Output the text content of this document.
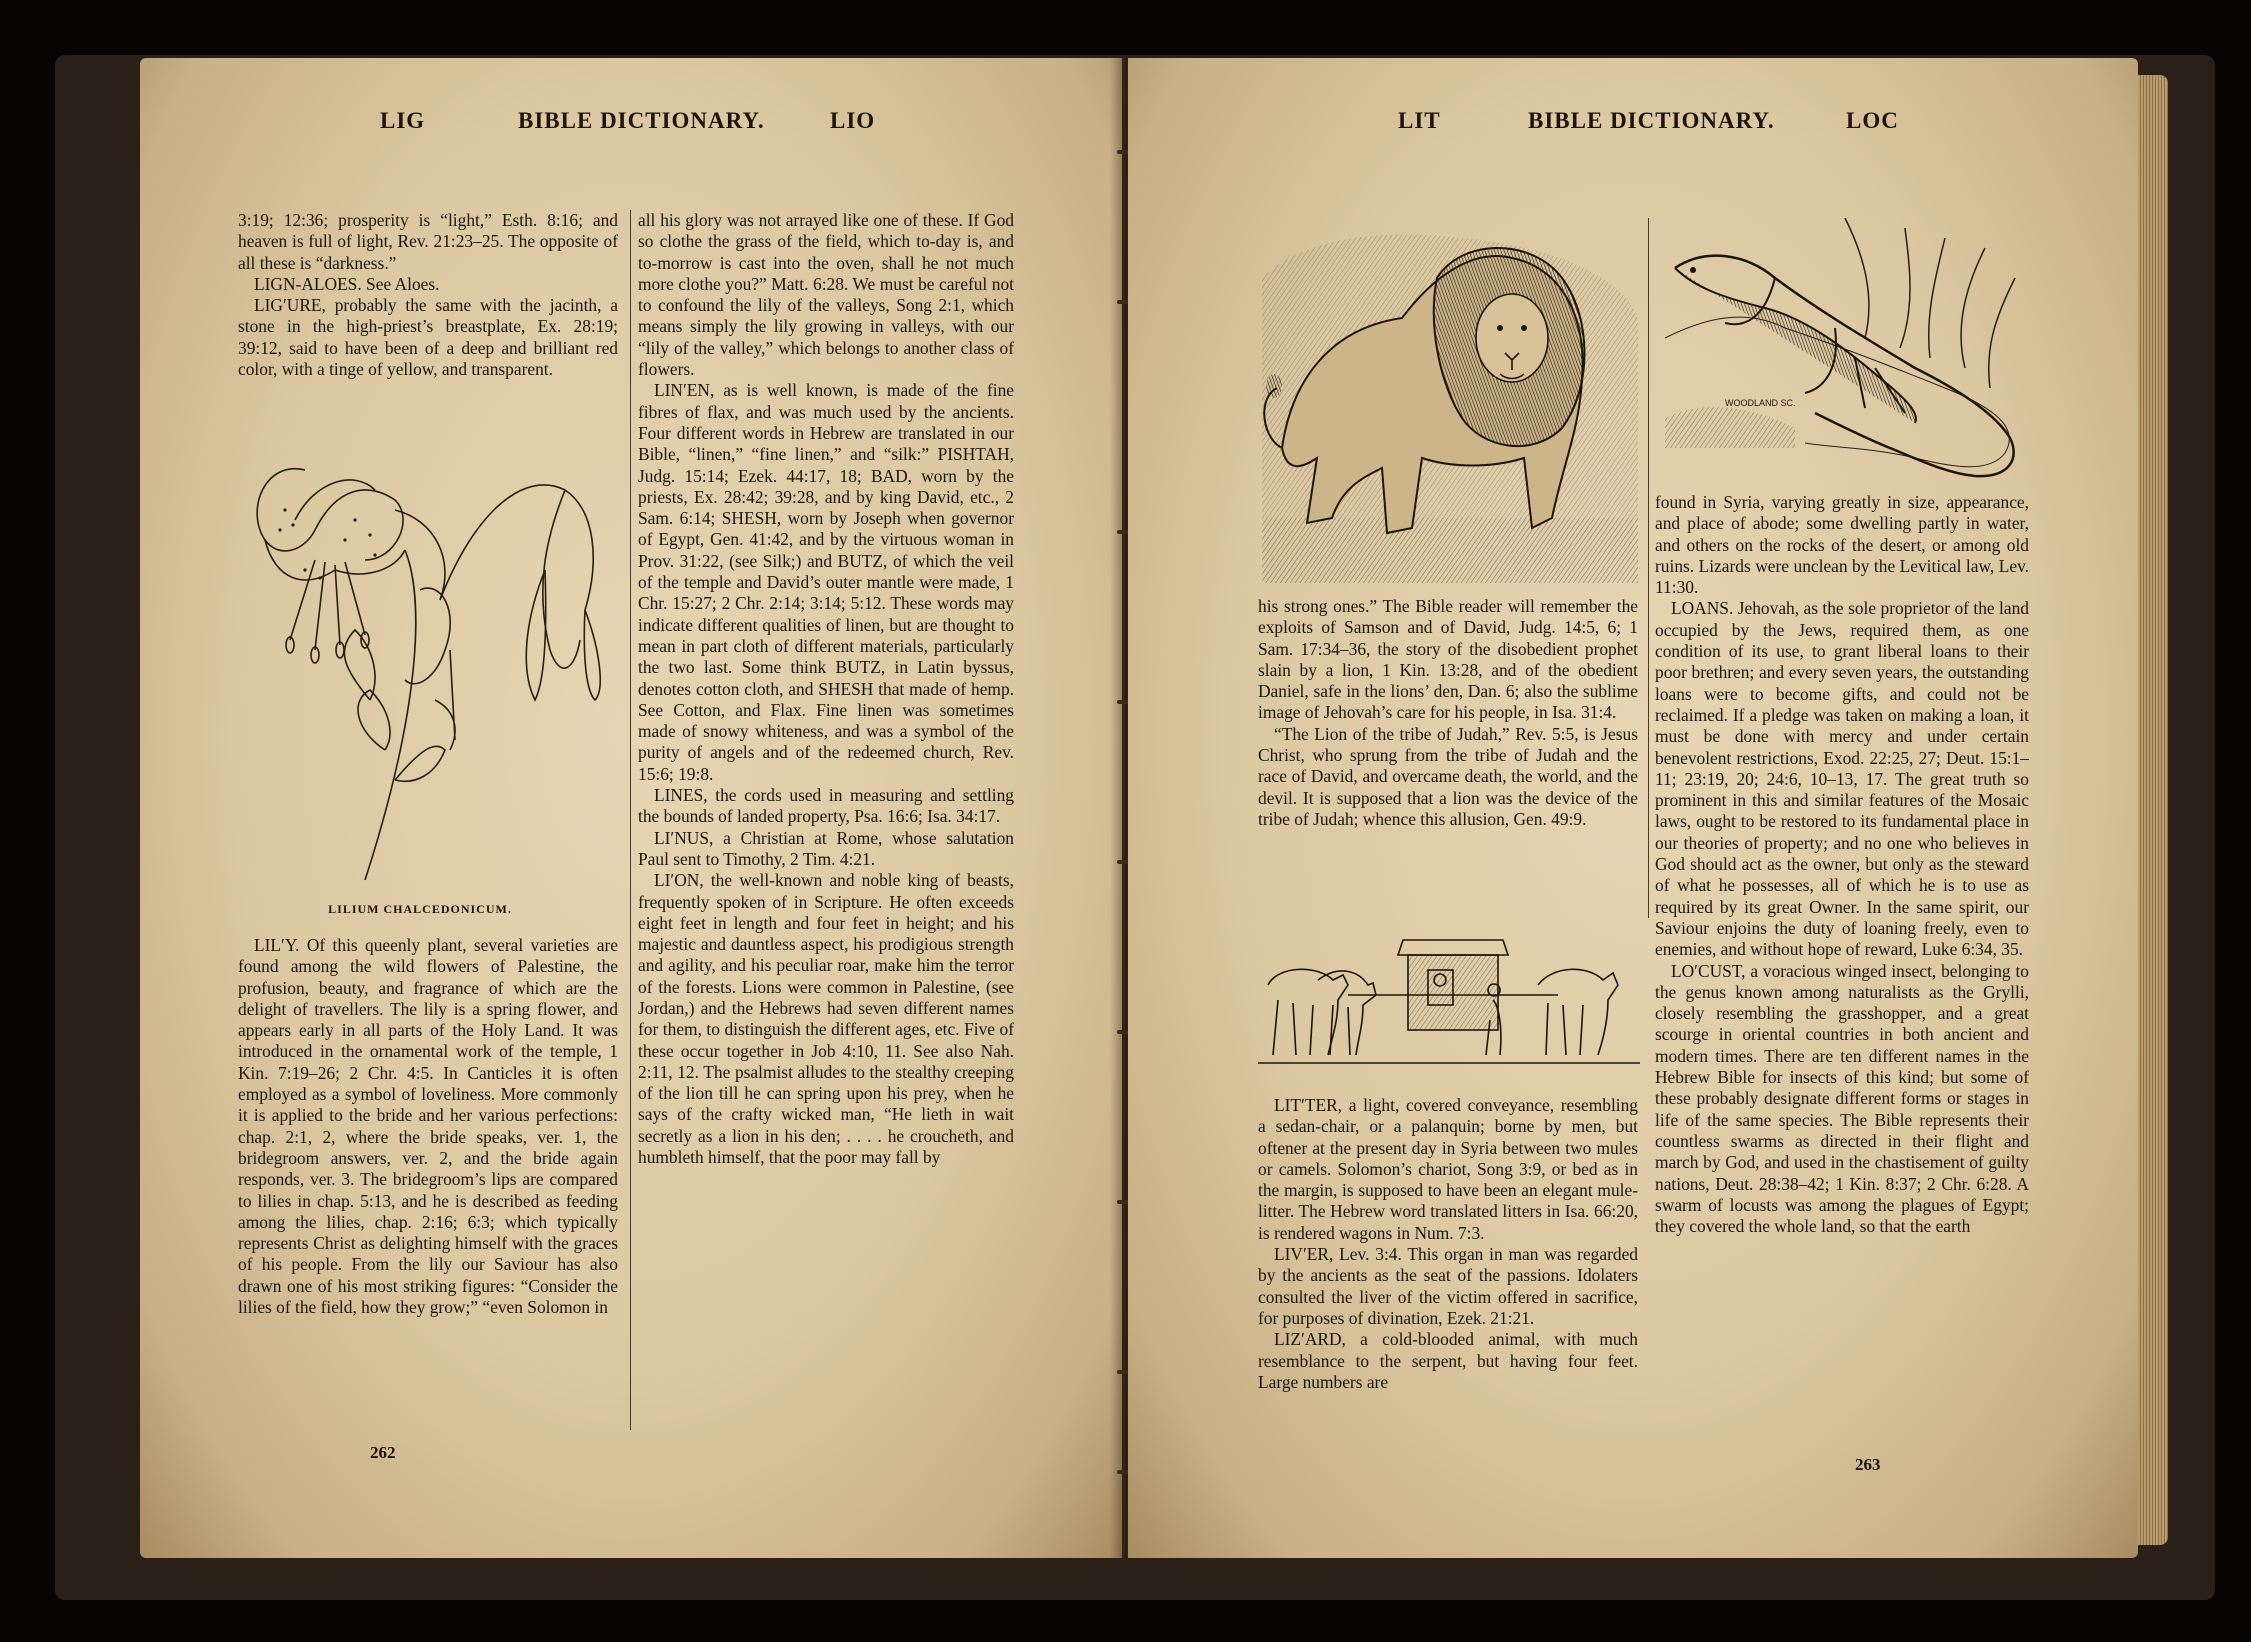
LIG	BIBLE DICTIONARY.	LIO

3:19; 12:36; prosperity is “light,” Esth. 8:16; and heaven is full of light, Rev. 21:23–25. The opposite of all these is “darkness.”

LIGN-ALOES. See Aloes.

LIG′URE, probably the same with the jacinth, a stone in the high-priest’s breastplate, Ex. 28:19; 39:12, said to have been of a deep and brilliant red color, with a tinge of yellow, and transparent.

LILIUM CHALCEDONICUM.

LIL′Y. Of this queenly plant, several varieties are found among the wild flowers of Palestine, the profusion, beauty, and fragrance of which are the delight of travellers. The lily is a spring flower, and appears early in all parts of the Holy Land. It was introduced in the ornamental work of the temple, 1 Kin. 7:19–26; 2 Chr. 4:5. In Canticles it is often employed as a symbol of loveliness. More commonly it is applied to the bride and her various perfections: chap. 2:1, 2, where the bride speaks, ver. 1, the bridegroom answers, ver. 2, and the bride again responds, ver. 3. The bridegroom’s lips are compared to lilies in chap. 5:13, and he is described as feeding among the lilies, chap. 2:16; 6:3; which typically represents Christ as delighting himself with the graces of his people. From the lily our Saviour has also drawn one of his most striking figures: “Consider the lilies of the field, how they grow;” “even Solomon in

all his glory was not arrayed like one of these. If God so clothe the grass of the field, which to-day is, and to-morrow is cast into the oven, shall he not much more clothe you?” Matt. 6:28. We must be careful not to confound the lily of the valleys, Song 2:1, which means simply the lily growing in valleys, with our “lily of the valley,” which belongs to another class of flowers.

LIN′EN, as is well known, is made of the fine fibres of flax, and was much used by the ancients. Four different words in Hebrew are translated in our Bible, “linen,” “fine linen,” and “silk:” PISHTAH, Judg. 15:14; Ezek. 44:17, 18; BAD, worn by the priests, Ex. 28:42; 39:28, and by king David, etc., 2 Sam. 6:14; SHESH, worn by Joseph when governor of Egypt, Gen. 41:42, and by the virtuous woman in Prov. 31:22, (see Silk;) and BUTZ, of which the veil of the temple and David’s outer mantle were made, 1 Chr. 15:27; 2 Chr. 2:14; 3:14; 5:12. These words may indicate different qualities of linen, but are thought to mean in part cloth of different materials, particularly the two last. Some think BUTZ, in Latin byssus, denotes cotton cloth, and SHESH that made of hemp. See Cotton, and Flax. Fine linen was sometimes made of snowy whiteness, and was a symbol of the purity of angels and of the redeemed church, Rev. 15:6; 19:8.

LINES, the cords used in measuring and settling the bounds of landed property, Psa. 16:6; Isa. 34:17.

LI′NUS, a Christian at Rome, whose salutation Paul sent to Timothy, 2 Tim. 4:21.

LI′ON, the well-known and noble king of beasts, frequently spoken of in Scripture. He often exceeds eight feet in length and four feet in height; and his majestic and dauntless aspect, his prodigious strength and agility, and his peculiar roar, make him the terror of the forests. Lions were common in Palestine, (see Jordan,) and the Hebrews had seven different names for them, to distinguish the different ages, etc. Five of these occur together in Job 4:10, 11. See also Nah. 2:11, 12. The psalmist alludes to the stealthy creeping of the lion till he can spring upon his prey, when he says of the crafty wicked man, “He lieth in wait secretly as a lion in his den; . . . . he croucheth, and humbleth himself, that the poor may fall by

262
LIT	BIBLE DICTIONARY.	LOC

his strong ones.” The Bible reader will remember the exploits of Samson and of David, Judg. 14:5, 6; 1 Sam. 17:34–36, the story of the disobedient prophet slain by a lion, 1 Kin. 13:28, and of the obedient Daniel, safe in the lions’ den, Dan. 6; also the sublime image of Jehovah’s care for his people, in Isa. 31:4.

“The Lion of the tribe of Judah,” Rev. 5:5, is Jesus Christ, who sprung from the tribe of Judah and the race of David, and overcame death, the world, and the devil. It is supposed that a lion was the device of the tribe of Judah; whence this allusion, Gen. 49:9.

LIT′TER, a light, covered conveyance, resembling a sedan-chair, or a palanquin; borne by men, but oftener at the present day in Syria between two mules or camels. Solomon’s chariot, Song 3:9, or bed as in the margin, is supposed to have been an elegant mule-litter. The Hebrew word translated litters in Isa. 66:20, is rendered wagons in Num. 7:3.

LIV′ER, Lev. 3:4. This organ in man was regarded by the ancients as the seat of the passions. Idolaters consulted the liver of the victim offered in sacrifice, for purposes of divination, Ezek. 21:21.

LIZ′ARD, a cold-blooded animal, with much resemblance to the serpent, but having four feet. Large numbers are

WOODLAND SC.

found in Syria, varying greatly in size, appearance, and place of abode; some dwelling partly in water, and others on the rocks of the desert, or among old ruins. Lizards were unclean by the Levitical law, Lev. 11:30.

LOANS. Jehovah, as the sole proprietor of the land occupied by the Jews, required them, as one condition of its use, to grant liberal loans to their poor brethren; and every seven years, the outstanding loans were to become gifts, and could not be reclaimed. If a pledge was taken on making a loan, it must be done with mercy and under certain benevolent restrictions, Exod. 22:25, 27; Deut. 15:1–11; 23:19, 20; 24:6, 10–13, 17. The great truth so prominent in this and similar features of the Mosaic laws, ought to be restored to its fundamental place in our theories of property; and no one who believes in God should act as the owner, but only as the steward of what he possesses, all of which he is to use as required by its great Owner. In the same spirit, our Saviour enjoins the duty of loaning freely, even to enemies, and without hope of reward, Luke 6:34, 35.

LO′CUST, a voracious winged insect, belonging to the genus known among naturalists as the Grylli, closely resembling the grasshopper, and a great scourge in oriental countries in both ancient and modern times. There are ten different names in the Hebrew Bible for insects of this kind; but some of these probably designate different forms or stages in life of the same species. The Bible represents their countless swarms as directed in their flight and march by God, and used in the chastisement of guilty nations, Deut. 28:38–42; 1 Kin. 8:37; 2 Chr. 6:28. A swarm of locusts was among the plagues of Egypt; they covered the whole land, so that the earth

263
